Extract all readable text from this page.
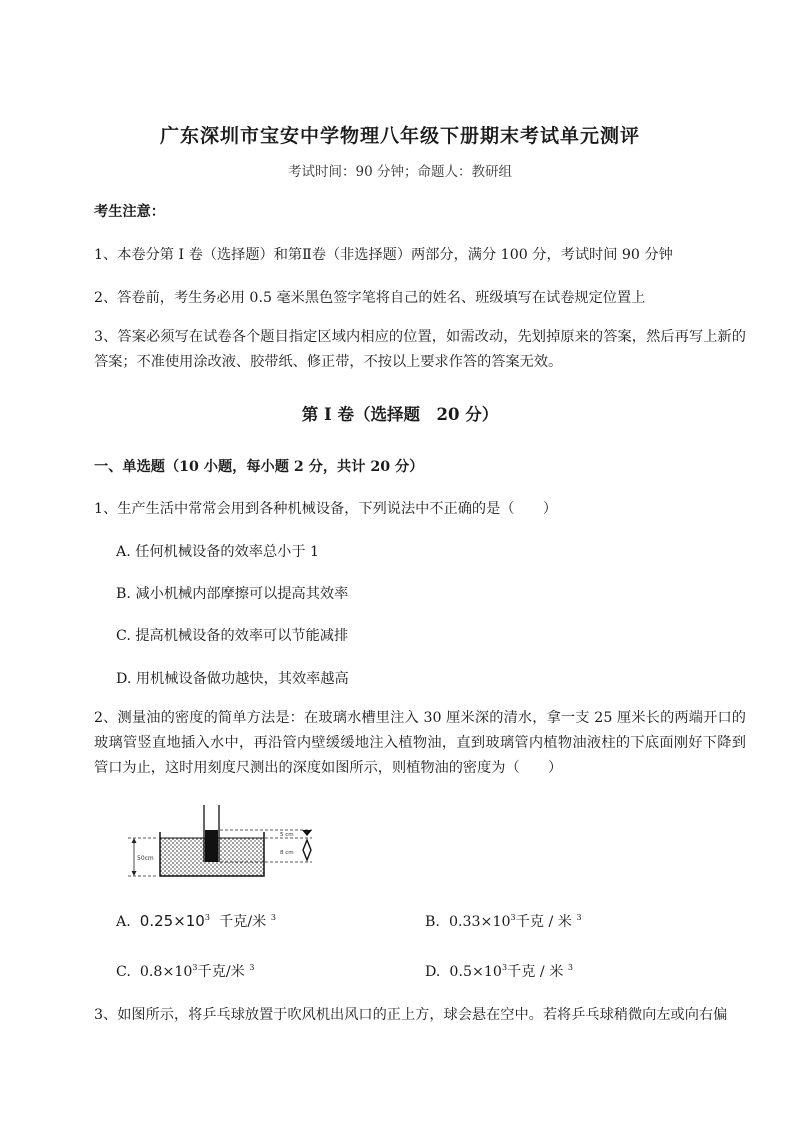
广东深圳市宝安中学物理八年级下册期末考试单元测评
考试时间：90 分钟；命题人：教研组
考生注意：
1、本卷分第 I 卷（选择题）和第Ⅱ卷（非选择题）两部分，满分 100 分，考试时间 90 分钟
2、答卷前，考生务必用 0.5 毫米黑色签字笔将自己的姓名、班级填写在试卷规定位置上
3、答案必须写在试卷各个题目指定区域内相应的位置，如需改动，先划掉原来的答案，然后再写上新的答案；不准使用涂改液、胶带纸、修正带，不按以上要求作答的答案无效。
第 I 卷（选择题　20 分）
一、单选题（10 小题，每小题 2 分，共计 20 分）
1、生产生活中常常会用到各种机械设备，下列说法中不正确的是（　　）
A. 任何机械设备的效率总小于 1
B. 减小机械内部摩擦可以提高其效率
C. 提高机械设备的效率可以节能减排
D. 用机械设备做功越快，其效率越高
2、测量油的密度的简单方法是：在玻璃水槽里注入 30 厘米深的清水，拿一支 25 厘米长的两端开口的玻璃管竖直地插入水中，再沿管内壁缓缓地注入植物油，直到玻璃管内植物油液柱的下底面刚好下降到管口为止，这时用刻度尺测出的深度如图所示，则植物油的密度为（　　）
50cm
5 cm
8 cm
A. $0.25\times 10^3$ 千克/米 $^3$	B. $0.33\times 10^3$千克 / 米 $^3$
C. $0.8\times 10^3$千克/米 $^3$	D. $0.5\times 10^3$千克 / 米 $^3$
3、如图所示，将乒乓球放置于吹风机出风口的正上方，球会悬在空中。若将乒乓球稍微向左或向右偏
